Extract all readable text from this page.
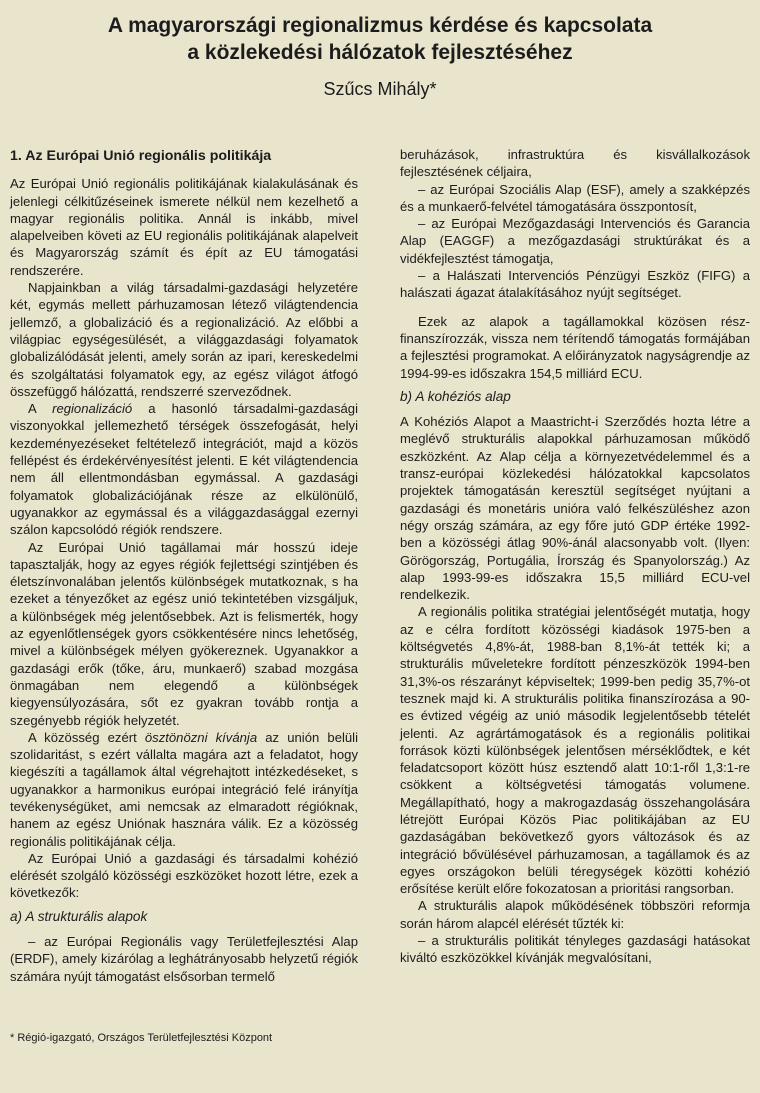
A magyarországi regionalizmus kérdése és kapcsolata
a közlekedési hálózatok fejlesztéséhez
Szűcs Mihály*

1. Az Európai Unió regionális politikája

Az Európai Unió regionális politikájának kialakulásának és jelenlegi célkitűzéseinek ismerete nélkül nem kezelhető a magyar regionális politika. Annál is inkább, mivel alapelveiben követi az EU regionális politikájának alapelveit és Magyarország számít és épít az EU támogatási rendszerére.

Napjainkban a világ társadalmi-gazdasági helyzetére két, egymás mellett párhuzamosan létező világtendencia jellemző, a globalizáció és a regionalizáció. Az előbbi a világpiac egységesülését, a világgazdasági folyamatok globalizálódását jelenti, amely során az ipari, kereskedelmi és szolgáltatási folyamatok egy, az egész világot átfogó összefüggő hálózattá, rendszerré szerveződnek.

A regionalizáció a hasonló társadalmi-gazdasági viszonyokkal jellemezhető térségek összefogását, helyi kezdeményezéseket feltételező integrációt, majd a közös fellépést és érdekérvényesítést jelenti. E két világtendencia nem áll ellentmondásban egymással. A gazdasági folyamatok globalizációjának része az elkülönülő, ugyanakkor az egymással és a világgazdasággal ezernyi szálon kapcsolódó régiók rendszere.

Az Európai Unió tagállamai már hosszú ideje tapasztalják, hogy az egyes régiók fejlettségi szintjében és életszínvonalában jelentős különbségek mutatkoznak, s ha ezeket a tényezőket az egész unió tekintetében vizsgáljuk, a különbségek még jelentősebbek. Azt is felismerték, hogy az egyenlőtlenségek gyors csökkentésére nincs lehetőség, mivel a különbségek mélyen gyökereznek. Ugyanakkor a gazdasági erők (tőke, áru, munkaerő) szabad mozgása önmagában nem elegendő a különbségek kiegyensúlyozására, sőt ez gyakran tovább rontja a szegényebb régiók helyzetét.

A közösség ezért ösztönözni kívánja az unión belüli szolidaritást, s ezért vállalta magára azt a feladatot, hogy kiegészíti a tagállamok által végrehajtott intézkedéseket, s ugyanakkor a harmonikus európai integráció felé irányítja tevékenységüket, ami nemcsak az elmaradott régióknak, hanem az egész Uniónak hasznára válik. Ez a közösség regionális politikájának célja.

Az Európai Unió a gazdasági és társadalmi kohézió elérését szolgáló közösségi eszközöket hozott létre, ezek a következők:

a) A strukturális alapok

– az Európai Regionális vagy Területfejlesztési Alap (ERDF), amely kizárólag a leghátrányosabb helyzetű régiók számára nyújt támogatást elsősorban termelő

beruházások, infrastruktúra és kisvállalkozások fejlesztésének céljaira,

– az Európai Szociális Alap (ESF), amely a szakképzés és a munkaerő-felvétel támogatására összpontosít,

– az Európai Mezőgazdasági Intervenciós és Garancia Alap (EAGGF) a mezőgazdasági struktúrákat és a vidékfejlesztést támogatja,

– a Halászati Intervenciós Pénzügyi Eszköz (FIFG) a halászati ágazat átalakításához nyújt segítséget.

Ezek az alapok a tagállamokkal közösen rész-finanszírozzák, vissza nem térítendő támogatás formájában a fejlesztési programokat. A előirányzatok nagyságrendje az 1994-99-es időszakra 154,5 milliárd ECU.

b) A kohéziós alap

A Kohéziós Alapot a Maastricht-i Szerződés hozta létre a meglévő strukturális alapokkal párhuzamosan működő eszközként. Az Alap célja a környezetvédelemmel és a transz-európai közlekedési hálózatokkal kapcsolatos projektek támogatásán keresztül segítséget nyújtani a gazdasági és monetáris unióra való felkészüléshez azon négy ország számára, az egy főre jutó GDP értéke 1992-ben a közösségi átlag 90%-ánál alacsonyabb volt. (Ilyen: Görögország, Portugália, Írország és Spanyolország.) Az alap 1993-99-es időszakra 15,5 milliárd ECU-vel rendelkezik.

A regionális politika stratégiai jelentőségét mutatja, hogy az e célra fordított közösségi kiadások 1975-ben a költségvetés 4,8%-át, 1988-ban 8,1%-át tették ki; a strukturális műveletekre fordított pénzeszközök 1994-ben 31,3%-os részarányt képviseltek; 1999-ben pedig 35,7%-ot tesznek majd ki. A strukturális politika finanszírozása a 90-es évtized végéig az unió második legjelentősebb tételét jelenti. Az agrártámogatások és a regionális politikai források közti különbségek jelentősen mérséklődtek, e két feladatcsoport között húsz esztendő alatt 10:1-ről 1,3:1-re csökkent a költségvetési támogatás volumene. Megállapítható, hogy a makrogazdaság összehangolására létrejött Európai Közös Piac politikájában az EU gazdaságában bekövetkező gyors változások és az integráció bővülésével párhuzamosan, a tagállamok és az egyes országokon belüli téregységek közötti kohézió erősítése került előre fokozatosan a prioritási rangsorban.

A strukturális alapok működésének többszöri reformja során három alapcél elérését tűzték ki:

– a strukturális politikát tényleges gazdasági hatásokat kiváltó eszközökkel kívánják megvalósítani,

* Régió-igazgató, Országos Területfejlesztési Központ
